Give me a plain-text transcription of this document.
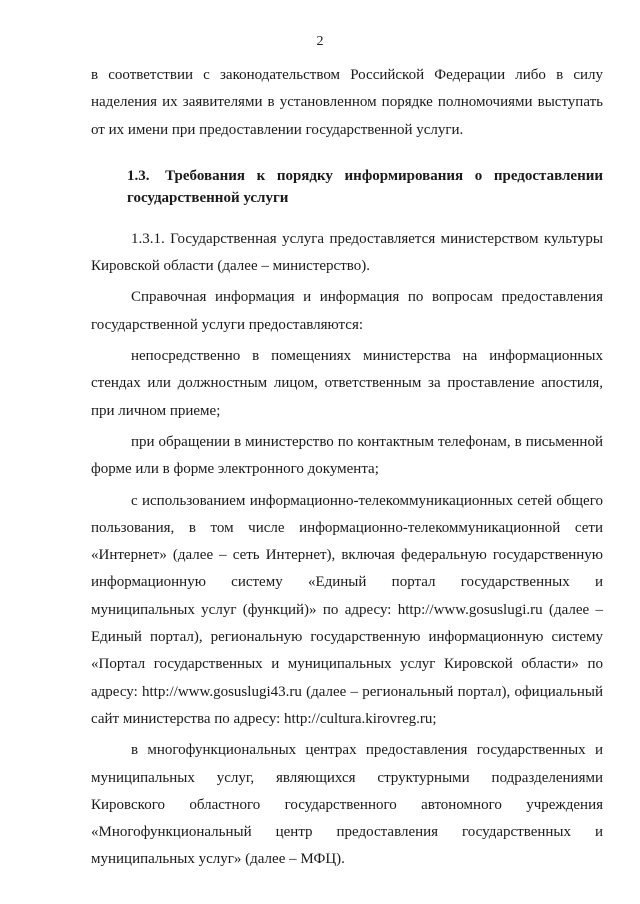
2

в соответствии с законодательством Российской Федерации либо в силу наделения их заявителями в установленном порядке полномочиями выступать от их имени при предоставлении государственной услуги.

1.3. Требования к порядку информирования о предоставлении государственной услуги

1.3.1. Государственная услуга предоставляется министерством культуры Кировской области (далее – министерство).

Справочная информация и информация по вопросам предоставления государственной услуги предоставляются:

непосредственно в помещениях министерства на информационных стендах или должностным лицом, ответственным за проставление апостиля, при личном приеме;

при обращении в министерство по контактным телефонам, в письменной форме или в форме электронного документа;

с использованием информационно-телекоммуникационных сетей общего пользования, в том числе информационно-телекоммуникационной сети «Интернет» (далее – сеть Интернет), включая федеральную государственную информационную систему «Единый портал государственных и муниципальных услуг (функций)» по адресу: http://www.gosuslugi.ru (далее – Единый портал), региональную государственную информационную систему «Портал государственных и муниципальных услуг Кировской области» по адресу: http://www.gosuslugi43.ru (далее – региональный портал), официальный сайт министерства по адресу: http://cultura.kirovreg.ru;

в многофункциональных центрах предоставления государственных и муниципальных услуг, являющихся структурными подразделениями Кировского областного государственного автономного учреждения «Многофункциональный центр предоставления государственных и муниципальных услуг» (далее – МФЦ).
